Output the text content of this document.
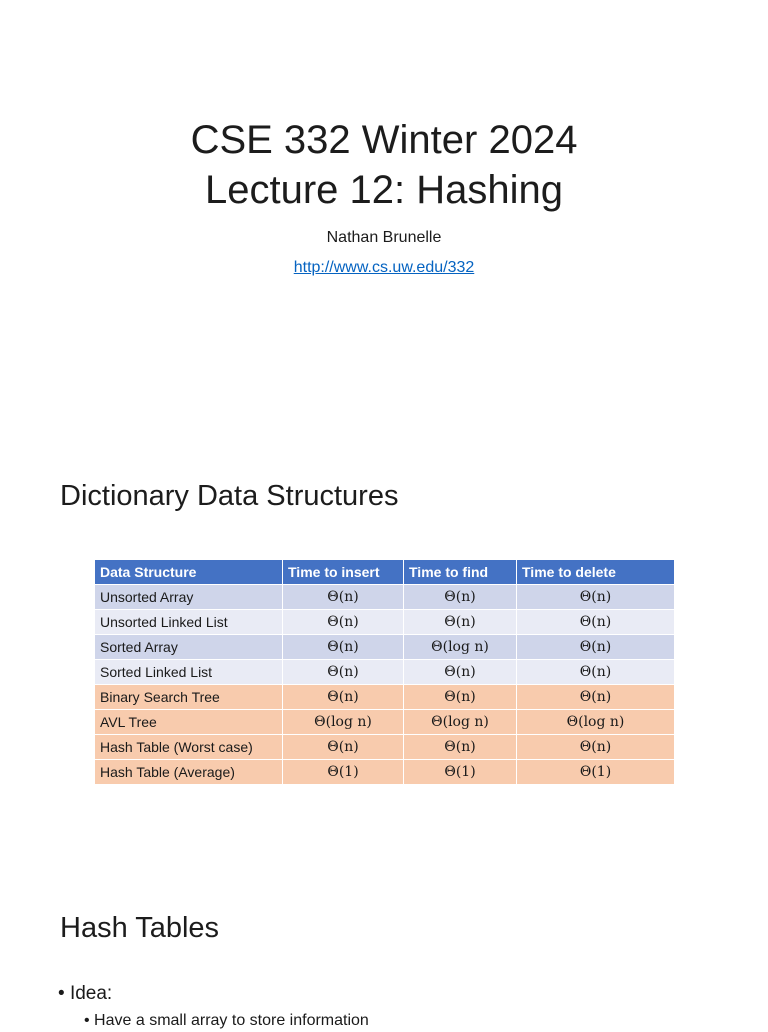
CSE 332 Winter 2024
Lecture 12: Hashing
Nathan Brunelle
http://www.cs.uw.edu/332
Dictionary Data Structures
Data Structure	Time to insert	Time to find	Time to delete
Unsorted Array	Θ(n)	Θ(n)	Θ(n)
Unsorted Linked List	Θ(n)	Θ(n)	Θ(n)
Sorted Array	Θ(n)	Θ(log n)	Θ(n)
Sorted Linked List	Θ(n)	Θ(n)	Θ(n)
Binary Search Tree	Θ(n)	Θ(n)	Θ(n)
AVL Tree	Θ(log n)	Θ(log n)	Θ(log n)
Hash Table (Worst case)	Θ(n)	Θ(n)	Θ(n)
Hash Table (Average)	Θ(1)	Θ(1)	Θ(1)
Hash Tables
• Idea:
• Have a small array to store information
